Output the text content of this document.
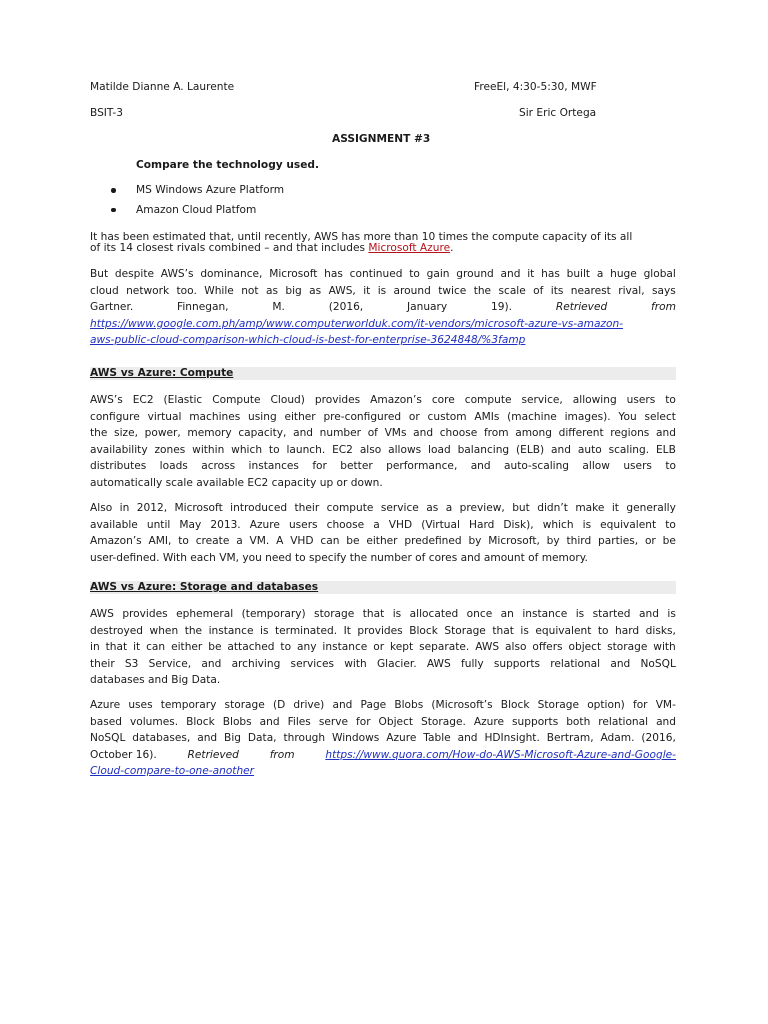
Matilde Dianne A. Laurente	FreeEl, 4:30-5:30, MWF
BSIT-3	Sir Eric Ortega
ASSIGNMENT #3
Compare the technology used.
MS Windows Azure Platform
Amazon Cloud Platfom
It has been estimated that, until recently, AWS has more than 10 times the compute capacity of its all
of its 14 closest rivals combined – and that includes Microsoft Azure.
But despite AWS’s dominance, Microsoft has continued to gain ground and it has built a huge global
cloud network too. While not as big as AWS, it is around twice the scale of its nearest rival, says
Gartner.	Finnegan,	M.	(2016,	January	19).	Retrieved	from
https://www.google.com.ph/amp/www.computerworlduk.com/it-vendors/microsoft-azure-vs-amazon-
aws-public-cloud-comparison-which-cloud-is-best-for-enterprise-3624848/%3famp
AWS vs Azure: Compute
AWS’s EC2 (Elastic Compute Cloud) provides Amazon’s core compute service, allowing users to
configure virtual machines using either pre-configured or custom AMIs (machine images). You select
the size, power, memory capacity, and number of VMs and choose from among different regions and
availability zones within which to launch. EC2 also allows load balancing (ELB) and auto scaling. ELB
distributes loads across instances for better performance, and auto-scaling allow users to
automatically scale available EC2 capacity up or down.
Also in 2012, Microsoft introduced their compute service as a preview, but didn’t make it generally
available until May 2013. Azure users choose a VHD (Virtual Hard Disk), which is equivalent to
Amazon’s AMI, to create a VM. A VHD can be either predefined by Microsoft, by third parties, or be
user-defined. With each VM, you need to specify the number of cores and amount of memory.
AWS vs Azure: Storage and databases
AWS provides ephemeral (temporary) storage that is allocated once an instance is started and is
destroyed when the instance is terminated. It provides Block Storage that is equivalent to hard disks,
in that it can either be attached to any instance or kept separate. AWS also offers object storage with
their S3 Service, and archiving services with Glacier. AWS fully supports relational and NoSQL
databases and Big Data.
Azure uses temporary storage (D drive) and Page Blobs (Microsoft’s Block Storage option) for VM-
based volumes. Block Blobs and Files serve for Object Storage. Azure supports both relational and
NoSQL databases, and Big Data, through Windows Azure Table and HDInsight. Bertram, Adam. (2016,
October 16).	Retrieved	from	https://www.quora.com/How-do-AWS-Microsoft-Azure-and-Google-
Cloud-compare-to-one-another
